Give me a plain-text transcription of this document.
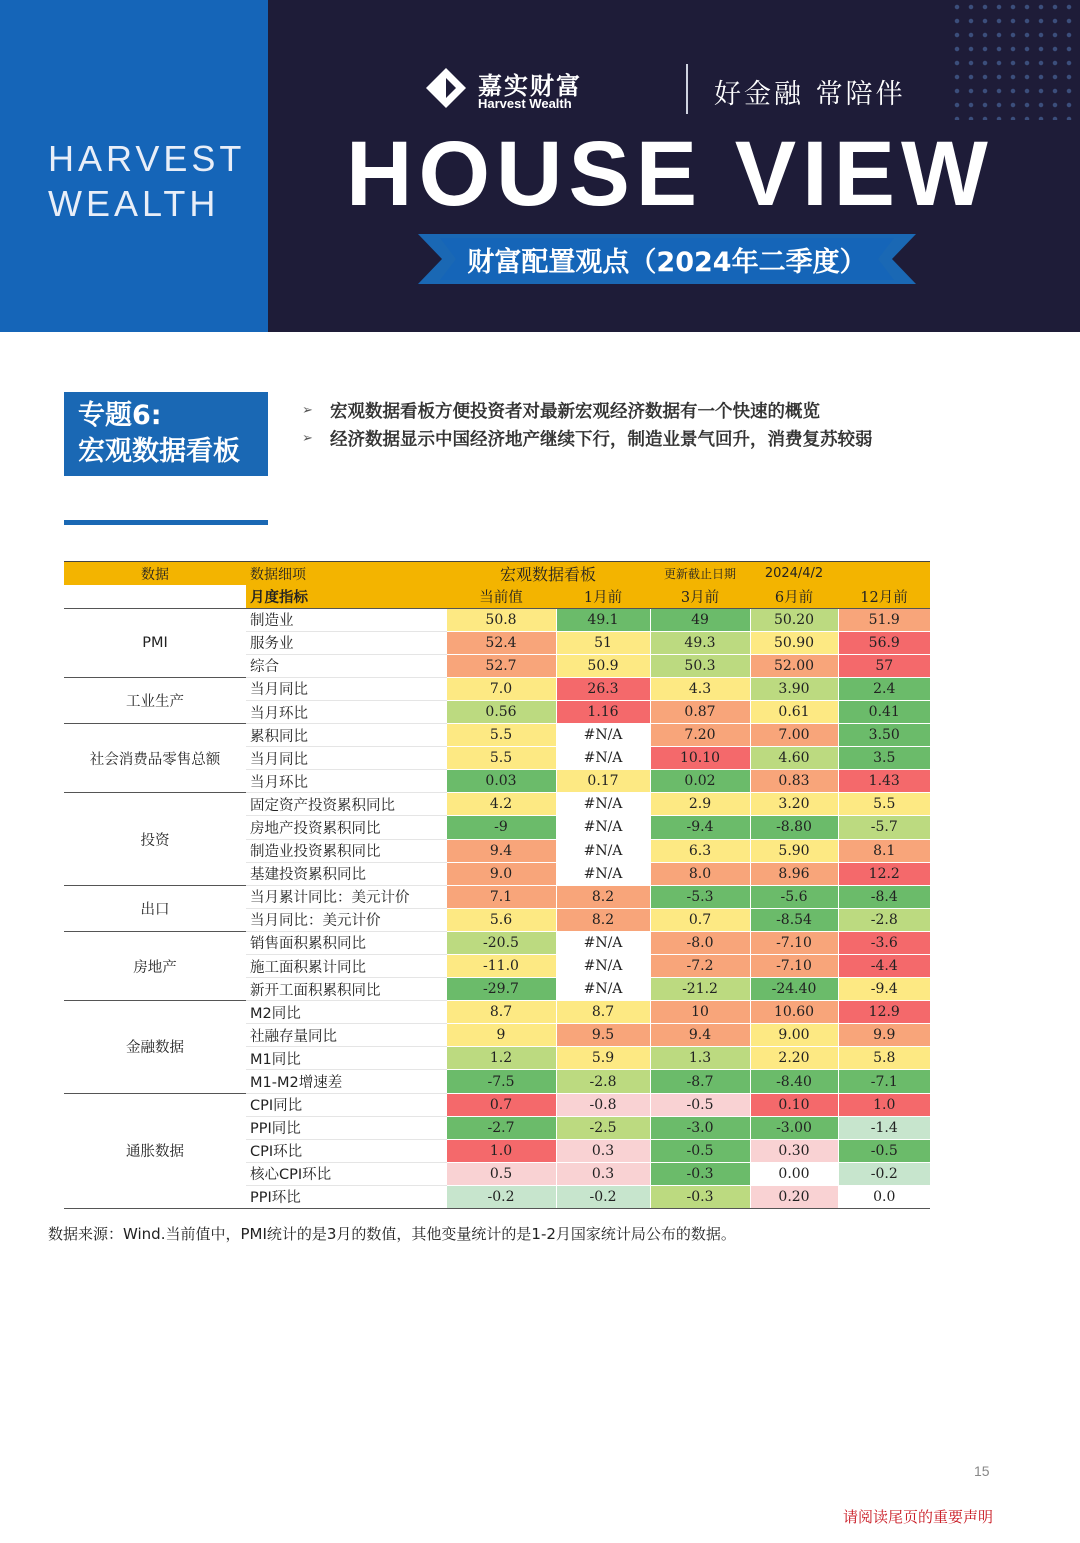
HARVEST
WEALTH
嘉实财富
Harvest Wealth	好金融 常陪伴
HOUSE VIEW
财富配置观点（2024年二季度）
专题6:
宏观数据看板
➢ 宏观数据看板方便投资者对最新宏观经济数据有一个快速的概览
➢ 经济数据显示中国经济地产继续下行，制造业景气回升，消费复苏较弱
数据	数据细项	宏观数据看板		更新截止日期	2024/4/2	
	月度指标	当前值	1月前	3月前	6月前	12月前
PMI	制造业	50.8	49.1	49	50.20	51.9
	服务业	52.4	51	49.3	50.90	56.9
	综合	52.7	50.9	50.3	52.00	57
工业生产	当月同比	7.0	26.3	4.3	3.90	2.4
	当月环比	0.56	1.16	0.87	0.61	0.41
社会消费品零售总额	累积同比	5.5	#N/A	7.20	7.00	3.50
	当月同比	5.5	#N/A	10.10	4.60	3.5
	当月环比	0.03	0.17	0.02	0.83	1.43
投资	固定资产投资累积同比	4.2	#N/A	2.9	3.20	5.5
	房地产投资累积同比	-9	#N/A	-9.4	-8.80	-5.7
	制造业投资累积同比	9.4	#N/A	6.3	5.90	8.1
	基建投资累积同比	9.0	#N/A	8.0	8.96	12.2
出口	当月累计同比：美元计价	7.1	8.2	-5.3	-5.6	-8.4
	当月同比：美元计价	5.6	8.2	0.7	-8.54	-2.8
房地产	销售面积累积同比	-20.5	#N/A	-8.0	-7.10	-3.6
	施工面积累计同比	-11.0	#N/A	-7.2	-7.10	-4.4
	新开工面积累积同比	-29.7	#N/A	-21.2	-24.40	-9.4
金融数据	M2同比	8.7	8.7	10	10.60	12.9
	社融存量同比	9	9.5	9.4	9.00	9.9
	M1同比	1.2	5.9	1.3	2.20	5.8
	M1-M2增速差	-7.5	-2.8	-8.7	-8.40	-7.1
通胀数据	CPI同比	0.7	-0.8	-0.5	0.10	1.0
	PPI同比	-2.7	-2.5	-3.0	-3.00	-1.4
	CPI环比	1.0	0.3	-0.5	0.30	-0.5
	核心CPI环比	0.5	0.3	-0.3	0.00	-0.2
	PPI环比	-0.2	-0.2	-0.3	0.20	0.0
数据来源：Wind.当前值中，PMI统计的是3月的数值，其他变量统计的是1-2月国家统计局公布的数据。
15
请阅读尾页的重要声明
